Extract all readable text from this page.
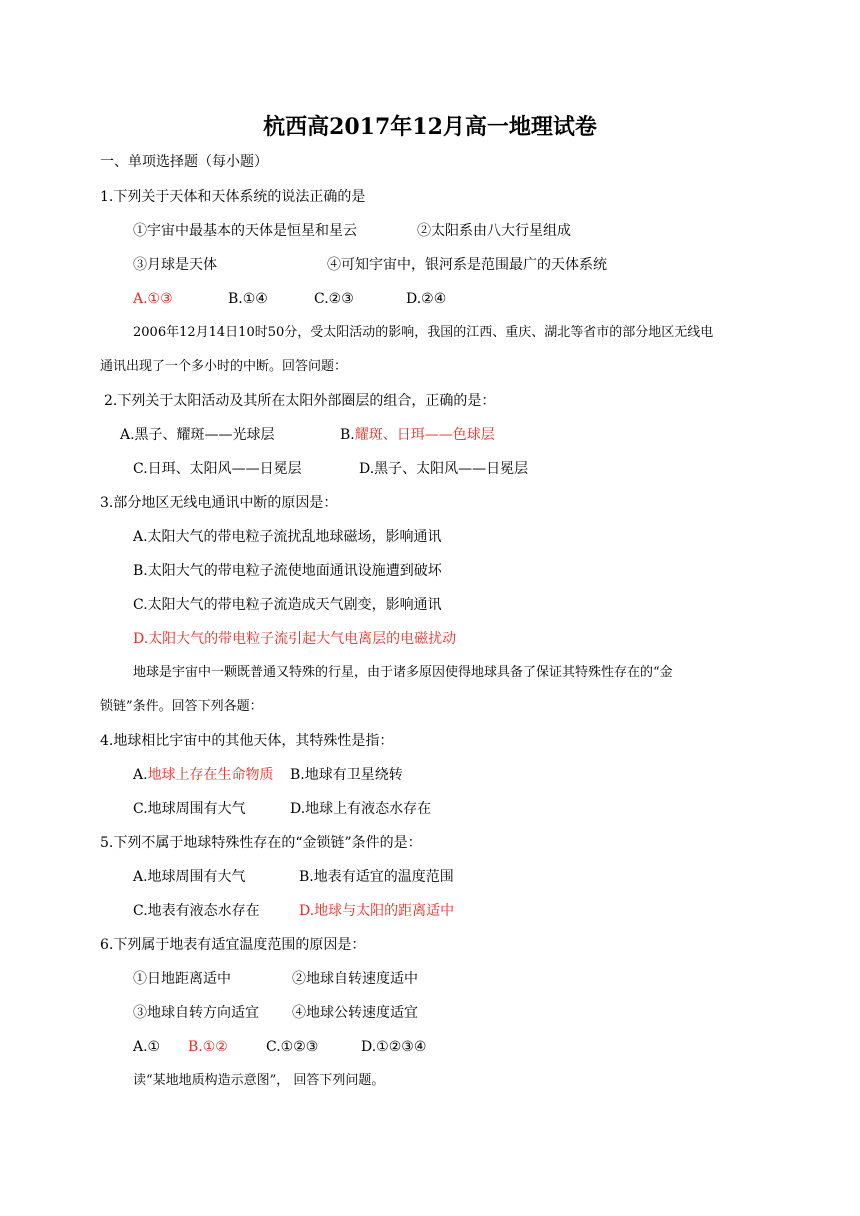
杭西高2017年12月高一地理试卷
一、单项选择题（每小题）
1.下列关于天体和天体系统的说法正确的是
①宇宙中最基本的天体是恒星和星云	②太阳系由八大行星组成
③月球是天体	④可知宇宙中，银河系是范围最广的天体系统
A.①③	B.①④	C.②③	D.②④
2006年12月14日10时50分，受太阳活动的影响，我国的江西、重庆、湖北等省市的部分地区无线电
通讯出现了一个多小时的中断。回答问题：
2.下列关于太阳活动及其所在太阳外部圈层的组合，正确的是：
A.黑子、耀斑——光球层	B.耀斑、日珥——色球层
C.日珥、太阳风——日冕层	D.黑子、太阳风——日冕层
3.部分地区无线电通讯中断的原因是：
A.太阳大气的带电粒子流扰乱地球磁场，影响通讯
B.太阳大气的带电粒子流使地面通讯设施遭到破坏
C.太阳大气的带电粒子流造成天气剧变，影响通讯
D.太阳大气的带电粒子流引起大气电离层的电磁扰动
地球是宇宙中一颗既普通又特殊的行星，由于诸多原因使得地球具备了保证其特殊性存在的“金
锁链”条件。回答下列各题：
4.地球相比宇宙中的其他天体，其特殊性是指：
A.地球上存在生命物质 B.地球有卫星绕转
C.地球周围有大气	D.地球上有液态水存在
5.下列不属于地球特殊性存在的“金锁链”条件的是：
A.地球周围有大气	B.地表有适宜的温度范围
C.地表有液态水存在	D.地球与太阳的距离适中
6.下列属于地表有适宜温度范围的原因是：
①日地距离适中	②地球自转速度适中
③地球自转方向适宜 ④地球公转速度适宜
A.① B.①②	C.①②③	D.①②③④
读“某地地质构造示意图”， 回答下列问题。
